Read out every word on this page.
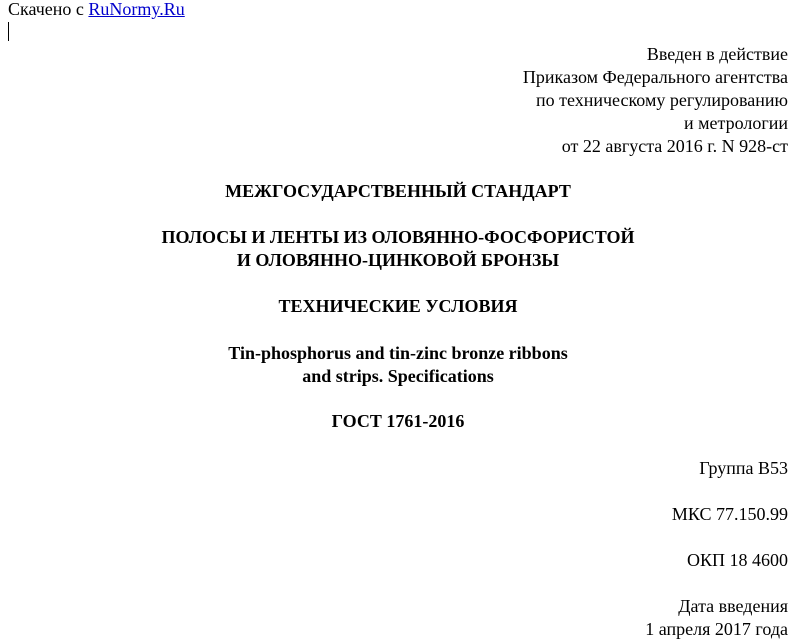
Скачено с RuNormy.Ru
Введен в действие
Приказом Федерального агентства
по техническому регулированию
и метрологии
от 22 августа 2016 г. N 928-ст
МЕЖГОСУДАРСТВЕННЫЙ СТАНДАРТ
ПОЛОСЫ И ЛЕНТЫ ИЗ ОЛОВЯННО-ФОСФОРИСТОЙ
И ОЛОВЯННО-ЦИНКОВОЙ БРОНЗЫ
ТЕХНИЧЕСКИЕ УСЛОВИЯ
Tin-phosphorus and tin-zinc bronze ribbons
and strips. Specifications
ГОСТ 1761-2016
Группа В53
МКС 77.150.99
ОКП 18 4600
Дата введения
1 апреля 2017 года
